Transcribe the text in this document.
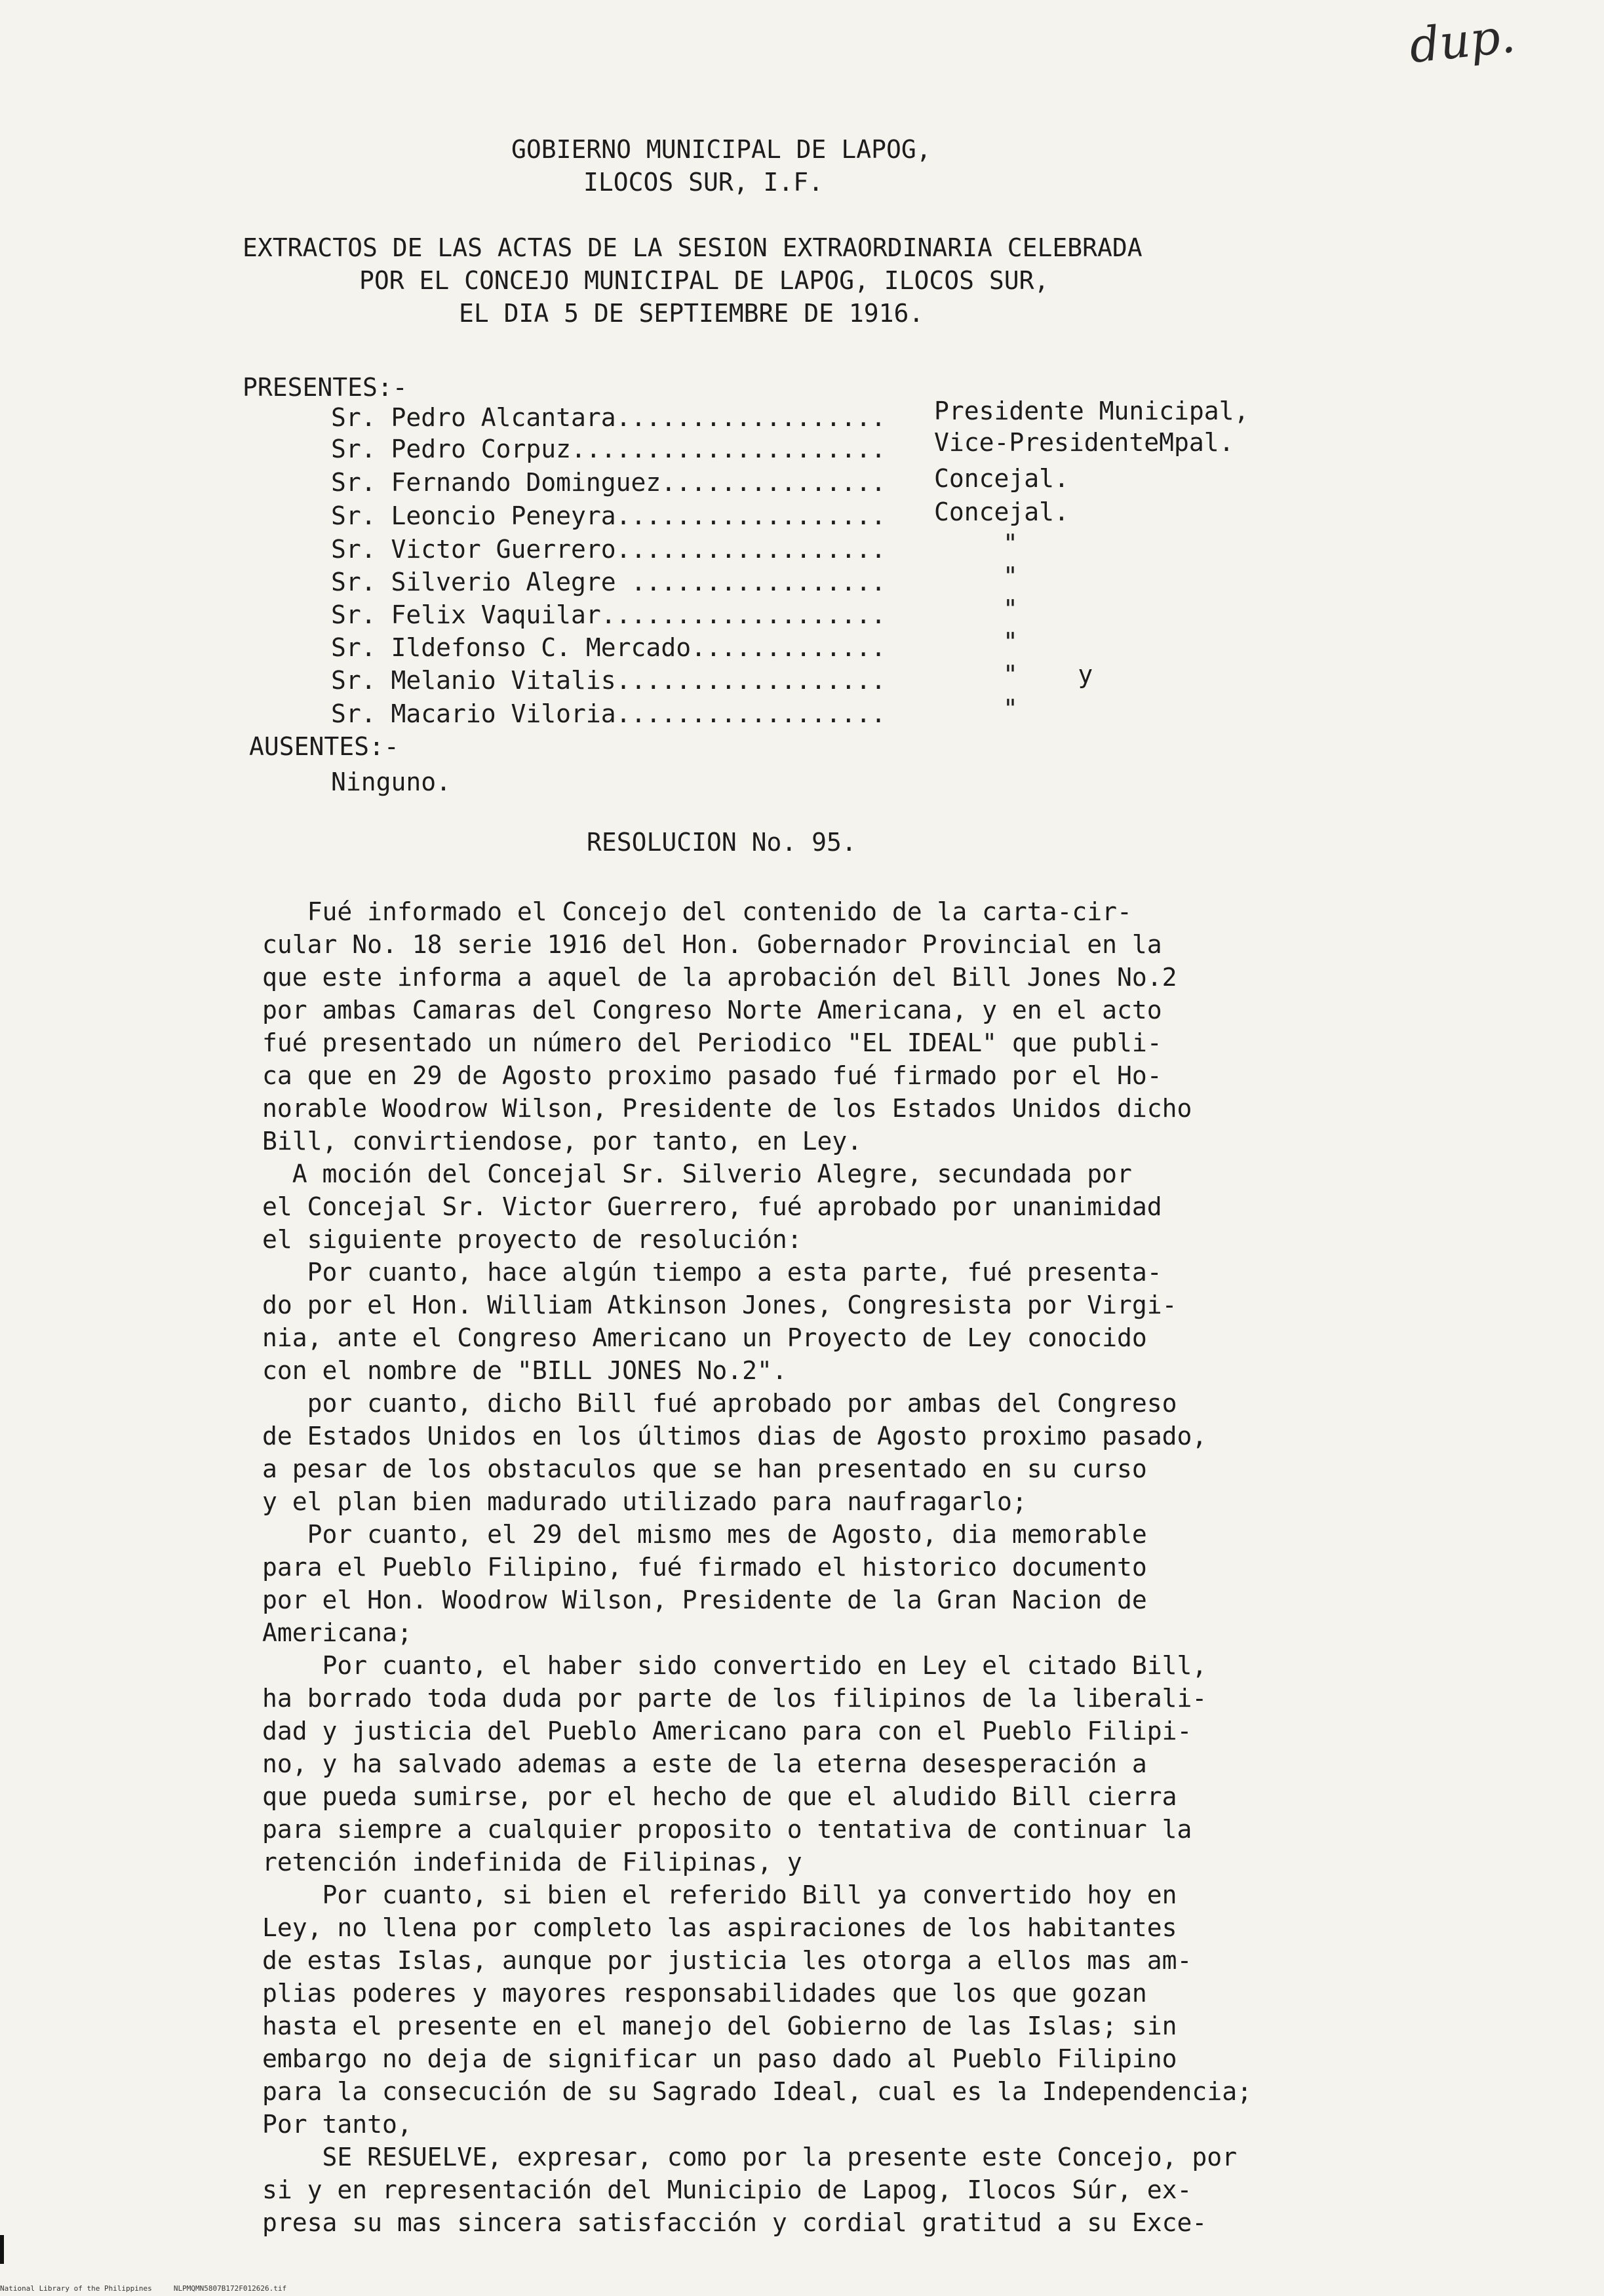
dup.
GOBIERNO MUNICIPAL DE LAPOG,
ILOCOS SUR, I.F.
EXTRACTOS DE LAS ACTAS DE LA SESION EXTRAORDINARIA CELEBRADA
POR EL CONCEJO MUNICIPAL DE LAPOG, ILOCOS SUR,
EL DIA 5 DE SEPTIEMBRE DE 1916.
PRESENTES:-
Sr. Pedro Alcantara.................. Presidente Municipal,
Sr. Pedro Corpuz..................... Vice-PresidenteMpal.
Sr. Fernando Dominguez............... Concejal.
Sr. Leoncio Peneyra.................. Concejal.
Sr. Victor Guerrero..................	"
Sr. Silverio Alegre .................	"
Sr. Felix Vaquilar...................	"
Sr. Ildefonso C. Mercado.............	"
Sr. Melanio Vitalis..................	"    y
Sr. Macario Viloria..................	"
AUSENTES:-
Ninguno.
RESOLUCION No. 95.
Fué informado el Concejo del contenido de la carta-cir-
cular No. 18 serie 1916 del Hon. Gobernador Provincial en la
que este informa a aquel de la aprobación del Bill Jones No.2
por ambas Camaras del Congreso Norte Americana, y en el acto
fué presentado un número del Periodico "EL IDEAL" que publi-
ca que en 29 de Agosto proximo pasado fué firmado por el Ho-
norable Woodrow Wilson, Presidente de los Estados Unidos dicho
Bill, convirtiendose, por tanto, en Ley.
A moción del Concejal Sr. Silverio Alegre, secundada por
el Concejal Sr. Victor Guerrero, fué aprobado por unanimidad
el siguiente proyecto de resolución:
Por cuanto, hace algún tiempo a esta parte, fué presenta-
do por el Hon. William Atkinson Jones, Congresista por Virgi-
nia, ante el Congreso Americano un Proyecto de Ley conocido
con el nombre de "BILL JONES No.2".
por cuanto, dicho Bill fué aprobado por ambas del Congreso
de Estados Unidos en los últimos dias de Agosto proximo pasado,
a pesar de los obstaculos que se han presentado en su curso
y el plan bien madurado utilizado para naufragarlo;
Por cuanto, el 29 del mismo mes de Agosto, dia memorable
para el Pueblo Filipino, fué firmado el historico documento
por el Hon. Woodrow Wilson, Presidente de la Gran Nacion de
Americana;
Por cuanto, el haber sido convertido en Ley el citado Bill,
ha borrado toda duda por parte de los filipinos de la liberali-
dad y justicia del Pueblo Americano para con el Pueblo Filipi-
no, y ha salvado ademas a este de la eterna desesperación a
que pueda sumirse, por el hecho de que el aludido Bill cierra
para siempre a cualquier proposito o tentativa de continuar la
retención indefinida de Filipinas, y
Por cuanto, si bien el referido Bill ya convertido hoy en
Ley, no llena por completo las aspiraciones de los habitantes
de estas Islas, aunque por justicia les otorga a ellos mas am-
plias poderes y mayores responsabilidades que los que gozan
hasta el presente en el manejo del Gobierno de las Islas; sin
embargo no deja de significar un paso dado al Pueblo Filipino
para la consecución de su Sagrado Ideal, cual es la Independencia;
Por tanto,
SE RESUELVE, expresar, como por la presente este Concejo, por
si y en representación del Municipio de Lapog, Ilocos Súr, ex-
presa su mas sincera satisfacción y cordial gratitud a su Exce-
National Library of the Philippines     NLPMQMN5807B172F012626.tif
